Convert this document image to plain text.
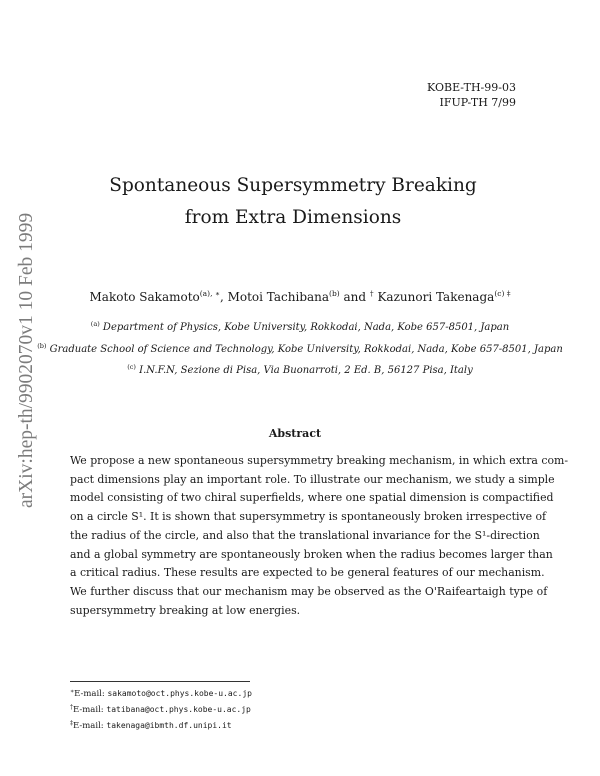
KOBE-TH-99-03
IFUP-TH 7/99
arXiv:hep-th/9902070v1 10 Feb 1999
Spontaneous Supersymmetry Breaking
from Extra Dimensions
Makoto Sakamoto$^{(a), ∗}$, Motoi Tachibana$^{(b)}$ and † Kazunori Takenaga$^{(c) \ddagger}$
$^{(a)}$ Department of Physics, Kobe University, Rokkodai, Nada, Kobe 657-8501, Japan
$^{(b)}$ Graduate School of Science and Technology, Kobe University, Rokkodai, Nada, Kobe 657-8501, Japan
$^{(c)}$ I.N.F.N, Sezione di Pisa, Via Buonarroti, 2 Ed. B, 56127 Pisa, Italy
Abstract
We propose a new spontaneous supersymmetry breaking mechanism, in which extra com-
pact dimensions play an important role. To illustrate our mechanism, we study a simple
model consisting of two chiral superfields, where one spatial dimension is compactified
on a circle S¹. It is shown that supersymmetry is spontaneously broken irrespective of
the radius of the circle, and also that the translational invariance for the S¹-direction
and a global symmetry are spontaneously broken when the radius becomes larger than
a critical radius. These results are expected to be general features of our mechanism.
We further discuss that our mechanism may be observed as the O'Raifeartaigh type of
supersymmetry breaking at low energies.
∗E-mail: sakamoto@oct.phys.kobe-u.ac.jp
†E-mail: tatibana@oct.phys.kobe-u.ac.jp
‡E-mail: takenaga@ibmth.df.unipi.it
